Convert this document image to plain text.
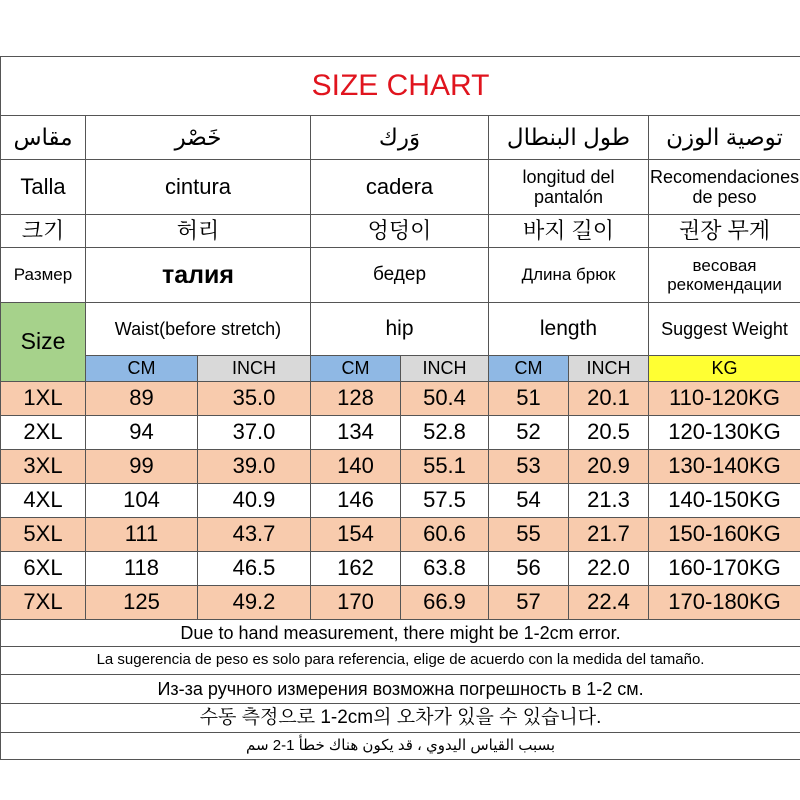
SIZE CHART							
مقاس	خَصْر		وَرك		طول البنطال		توصية الوزن
Talla	cintura		cadera		longitud del pantalón		Recomendaciones de peso
크기	허리		엉덩이		바지 길이		권장 무게
Размер	талия		бедер		Длина брюк		весовая рекомендации
Size	Waist(before stretch)		hip		length		Suggest Weight
	CM	INCH	CM	INCH	CM	INCH	KG
1XL	89	35.0	128	50.4	51	20.1	110-120KG
2XL	94	37.0	134	52.8	52	20.5	120-130KG
3XL	99	39.0	140	55.1	53	20.9	130-140KG
4XL	104	40.9	146	57.5	54	21.3	140-150KG
5XL	111	43.7	154	60.6	55	21.7	150-160KG
6XL	118	46.5	162	63.8	56	22.0	160-170KG
7XL	125	49.2	170	66.9	57	22.4	170-180KG
Due to hand measurement, there might be 1-2cm error.							
La sugerencia de peso es solo para referencia, elige de acuerdo con la medida del tamaño.							
Из-за ручного измерения возможна погрешность в 1-2 см.							
수동 측정으로 1-2cm의 오차가 있을 수 있습니다.							
بسبب القياس اليدوي ، قد يكون هناك خطأ 1-2 سم							
